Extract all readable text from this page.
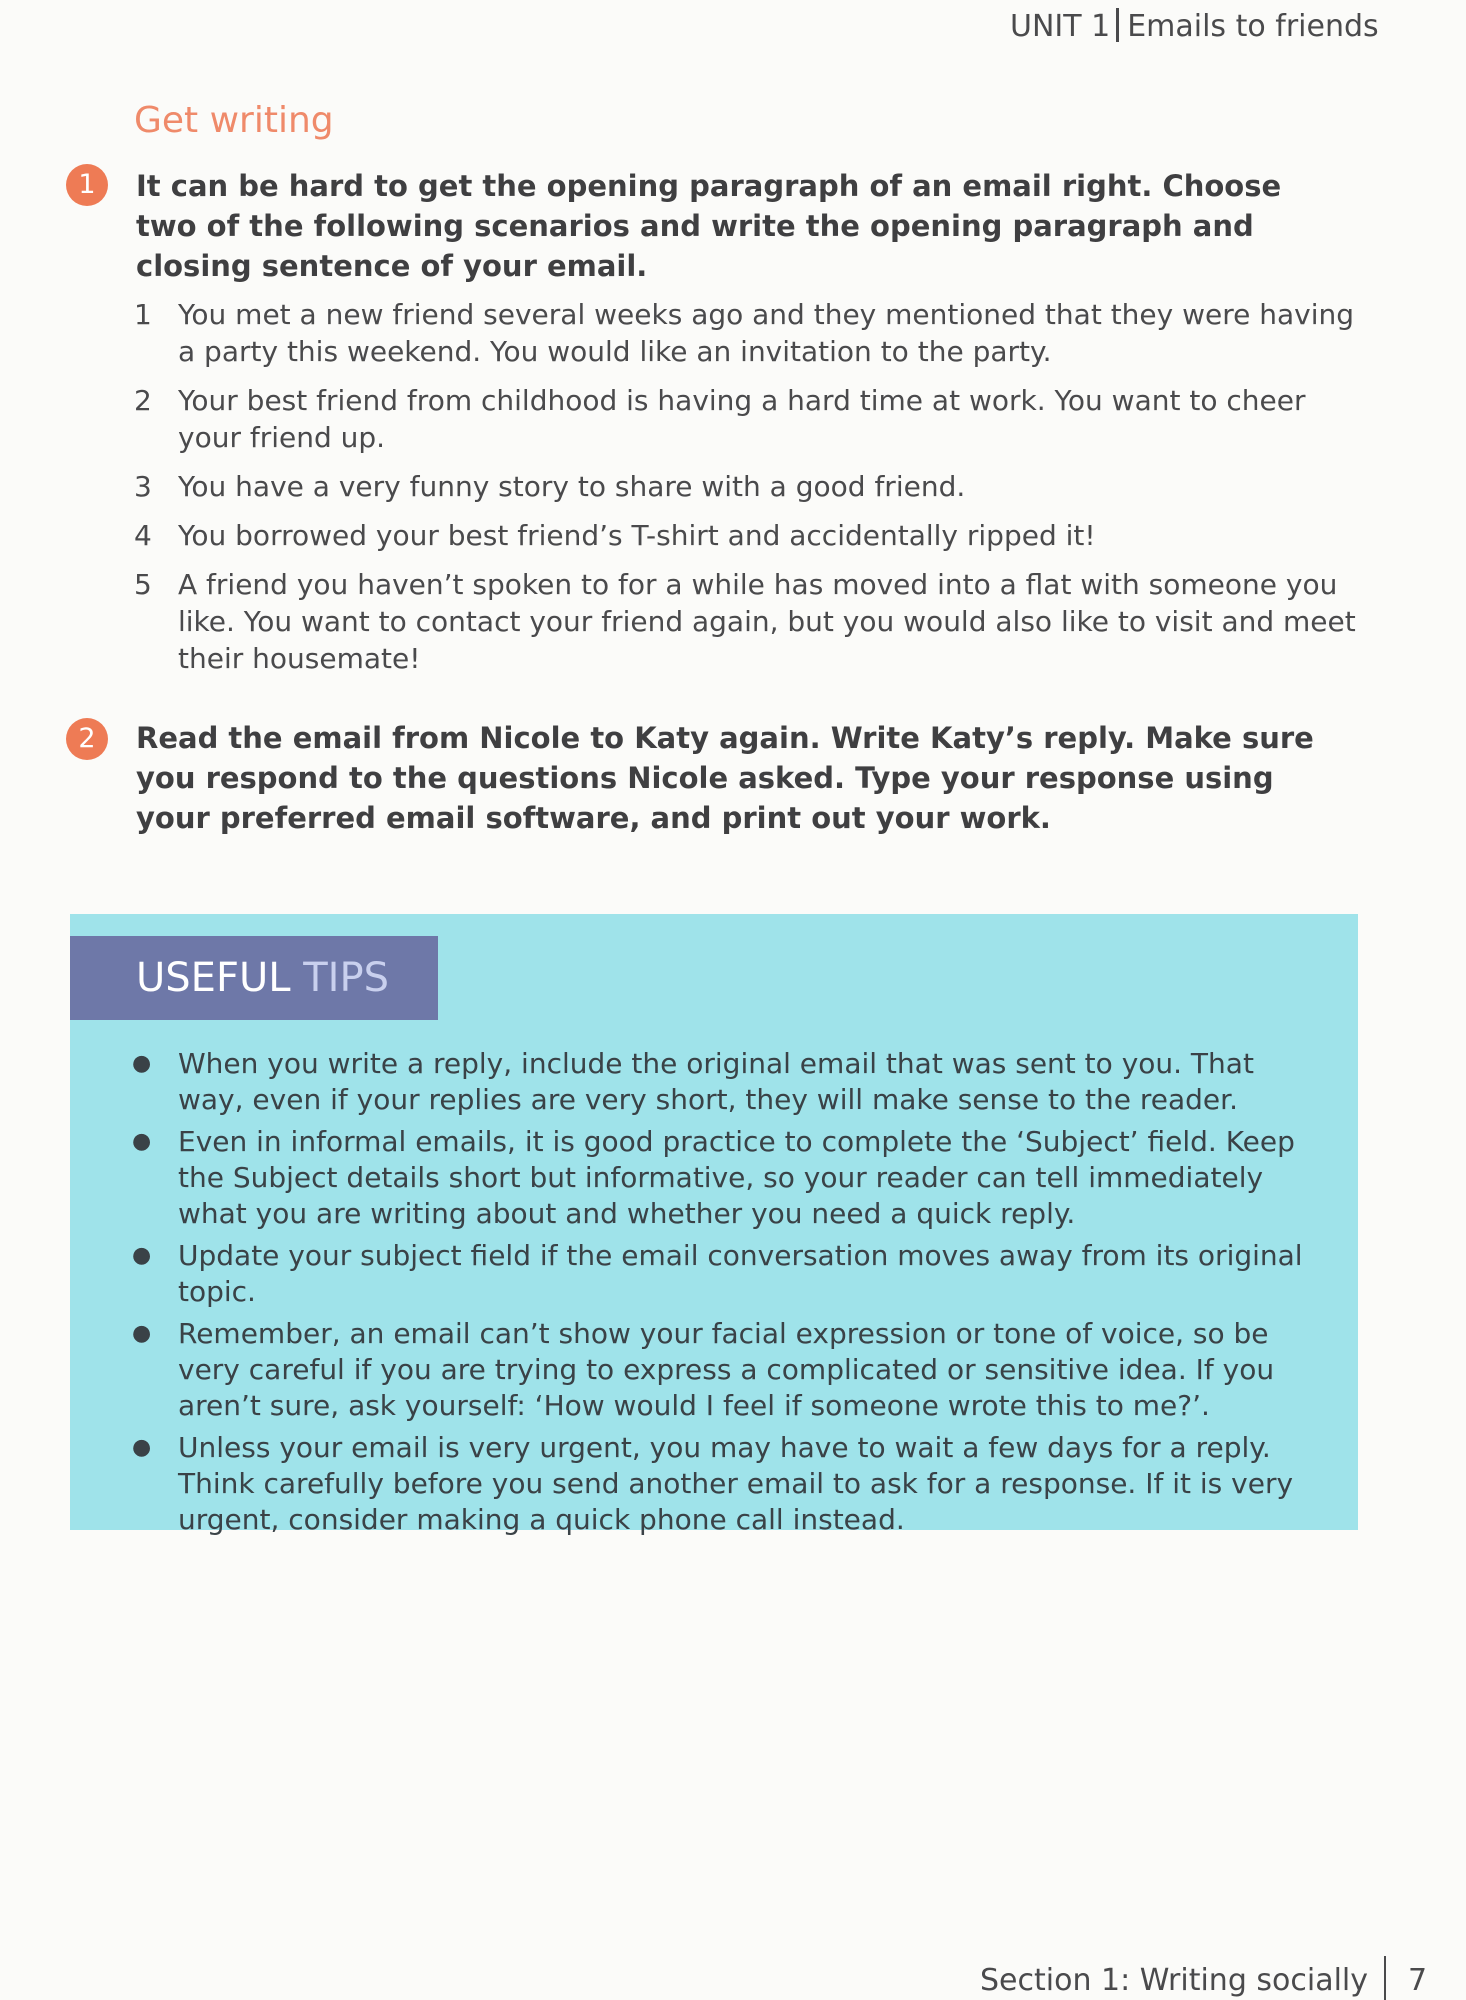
UNIT 1 Emails to friends
Get writing
1	It can be hard to get the opening paragraph of an email right. Choose two of the following scenarios and write the opening paragraph and closing sentence of your email.
1 You met a new friend several weeks ago and they mentioned that they were having a party this weekend. You would like an invitation to the party.
2 Your best friend from childhood is having a hard time at work. You want to cheer your friend up.
3 You have a very funny story to share with a good friend.
4 You borrowed your best friend’s T-shirt and accidentally ripped it!
5 A friend you haven’t spoken to for a while has moved into a flat with someone you like. You want to contact your friend again, but you would also like to visit and meet their housemate!
2	Read the email from Nicole to Katy again. Write Katy’s reply. Make sure you respond to the questions Nicole asked. Type your response using your preferred email software, and print out your work.
USEFUL TIPS
● When you write a reply, include the original email that was sent to you. That way, even if your replies are very short, they will make sense to the reader.
● Even in informal emails, it is good practice to complete the ‘Subject’ field. Keep the Subject details short but informative, so your reader can tell immediately what you are writing about and whether you need a quick reply.
● Update your subject field if the email conversation moves away from its original topic.
● Remember, an email can’t show your facial expression or tone of voice, so be very careful if you are trying to express a complicated or sensitive idea. If you aren’t sure, ask yourself: ‘How would I feel if someone wrote this to me?’.
● Unless your email is very urgent, you may have to wait a few days for a reply. Think carefully before you send another email to ask for a response. If it is very urgent, consider making a quick phone call instead.
Section 1: Writing socially 7
